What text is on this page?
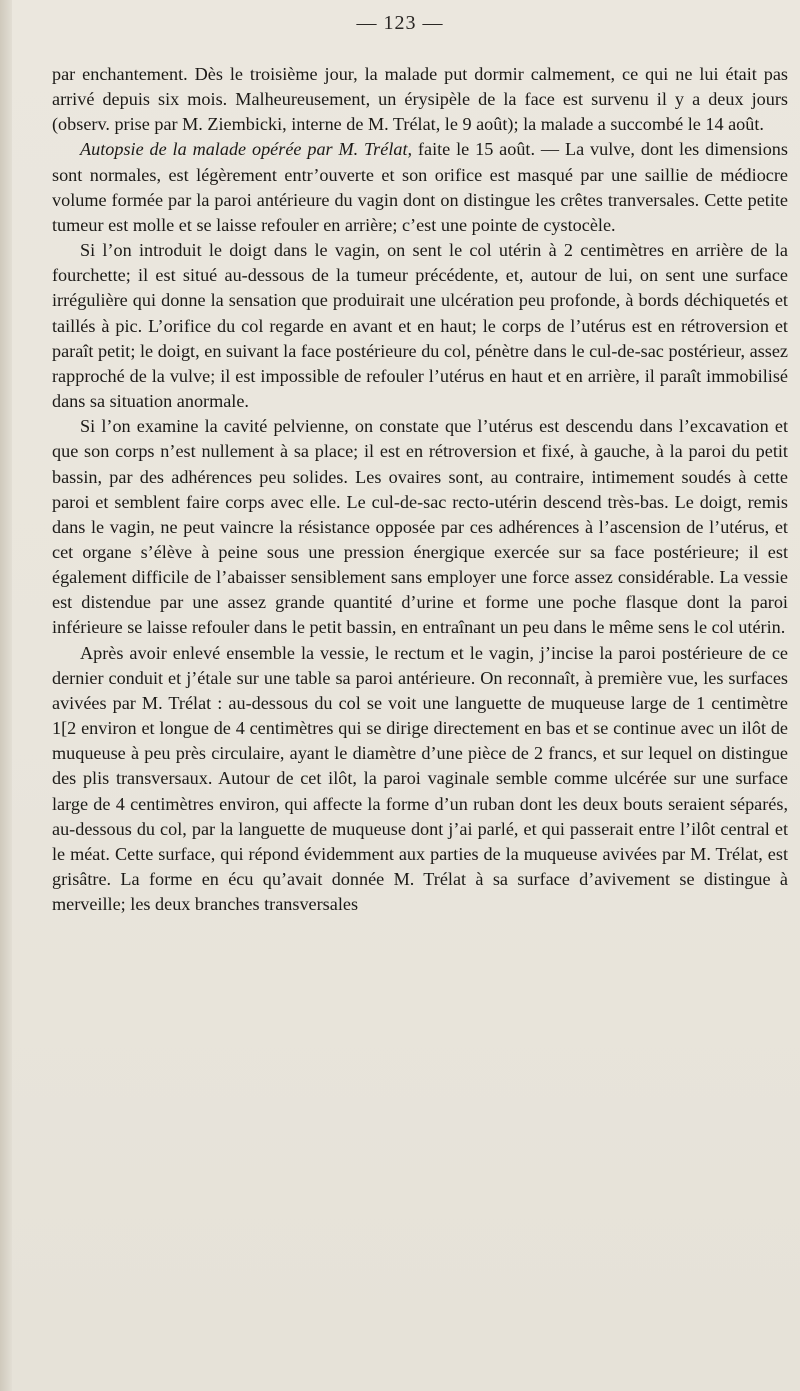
— 123 —

par enchantement. Dès le troisième jour, la malade put dormir calmement, ce qui ne lui était pas arrivé depuis six mois. Malheureusement, un érysipèle de la face est survenu il y a deux jours (observ. prise par M. Ziembicki, interne de M. Trélat, le 9 août); la malade a succombé le 14 août.

Autopsie de la malade opérée par M. Trélat, faite le 15 août. — La vulve, dont les dimensions sont normales, est légèrement entr’ouverte et son orifice est masqué par une saillie de médiocre volume formée par la paroi antérieure du vagin dont on distingue les crêtes tranversales. Cette petite tumeur est molle et se laisse refouler en arrière; c’est une pointe de cystocèle.

Si l’on introduit le doigt dans le vagin, on sent le col utérin à 2 centimètres en arrière de la fourchette; il est situé au-dessous de la tumeur précédente, et, autour de lui, on sent une surface irrégulière qui donne la sensation que produirait une ulcération peu profonde, à bords déchiquetés et taillés à pic. L’orifice du col regarde en avant et en haut; le corps de l’utérus est en rétroversion et paraît petit; le doigt, en suivant la face postérieure du col, pénètre dans le cul-de-sac postérieur, assez rapproché de la vulve; il est impossible de refouler l’utérus en haut et en arrière, il paraît immobilisé dans sa situation anormale.

Si l’on examine la cavité pelvienne, on constate que l’utérus est descendu dans l’excavation et que son corps n’est nullement à sa place; il est en rétroversion et fixé, à gauche, à la paroi du petit bassin, par des adhérences peu solides. Les ovaires sont, au contraire, intimement soudés à cette paroi et semblent faire corps avec elle. Le cul-de-sac recto-utérin descend très-bas. Le doigt, remis dans le vagin, ne peut vaincre la résistance opposée par ces adhérences à l’ascension de l’utérus, et cet organe s’élève à peine sous une pression énergique exercée sur sa face postérieure; il est également difficile de l’abaisser sensiblement sans employer une force assez considérable. La vessie est distendue par une assez grande quantité d’urine et forme une poche flasque dont la paroi inférieure se laisse refouler dans le petit bassin, en entraînant un peu dans le même sens le col utérin.

Après avoir enlevé ensemble la vessie, le rectum et le vagin, j’incise la paroi postérieure de ce dernier conduit et j’étale sur une table sa paroi antérieure. On reconnaît, à première vue, les surfaces avivées par M. Trélat : au-dessous du col se voit une languette de muqueuse large de 1 centimètre 1[2 environ et longue de 4 centimètres qui se dirige directement en bas et se continue avec un ilôt de muqueuse à peu près circulaire, ayant le diamètre d’une pièce de 2 francs, et sur lequel on distingue des plis transversaux. Autour de cet ilôt, la paroi vaginale semble comme ulcérée sur une surface large de 4 centimètres environ, qui affecte la forme d’un ruban dont les deux bouts seraient séparés, au-dessous du col, par la languette de muqueuse dont j’ai parlé, et qui passerait entre l’ilôt central et le méat. Cette surface, qui répond évidemment aux parties de la muqueuse avivées par M. Trélat, est grisâtre. La forme en écu qu’avait donnée M. Trélat à sa surface d’avivement se distingue à merveille; les deux branches transversales
